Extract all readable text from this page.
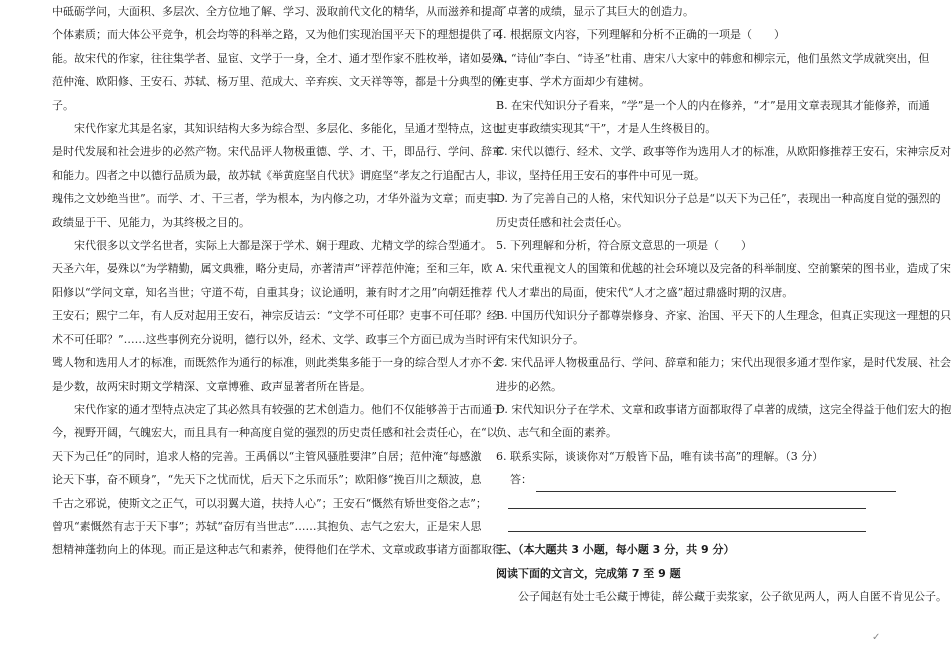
中砥砺学问，大面积、多层次、全方位地了解、学习、汲取前代文化的精华，从而滋养和提高
个体素质；而大体公平竞争，机会均等的科举之路，又为他们实现治国平天下的理想提供了可
能。故宋代的作家，往往集学者、显宦、文学于一身，全才、通才型作家不胜枚举，诸如晏殊、
范仲淹、欧阳修、王安石、苏轼、杨万里、范成大、辛弃疾、文天祥等等，都是十分典型的例
子。
宋代作家尤其是名家，其知识结构大多为综合型、多层化、多能化，呈通才型特点，这也
是时代发展和社会进步的必然产物。宋代品评人物极重德、学、才、干，即品行、学问、辞章
和能力。四者之中以德行品质为最，故苏轼《举黄庭坚自代状》谓庭坚“孝友之行追配古人，
瑰伟之文妙绝当世”。而学、才、干三者，学为根本，为内修之功，才华外溢为文章；而吏事
政绩显于干、见能力，为其终极之目的。
宋代很多以文学名世者，实际上大都是深于学术、娴于理政、尤精文学的综合型通才。
天圣六年，晏殊以“为学精勤，属文典雅，略分吏局，亦著清声”评荐范仲淹；至和三年，欧
阳修以“学问文章，知名当世；守道不苟，自重其身；议论通明，兼有时才之用”向朝廷推荐
王安石；熙宁二年，有人反对起用王安石，神宗反诘云：“文学不可任耶？吏事不可任耶？经
术不可任耶？”……这些事例充分说明，德行以外，经术、文学、政事三个方面已成为当时评
骘人物和选用人才的标准，而既然作为通行的标准，则此类集多能于一身的综合型人才亦不会
是少数，故两宋时期文学精深、文章博雅、政声显著者所在皆是。
宋代作家的通才型特点决定了其必然具有较强的艺术创造力。他们不仅能够善于古而通于
今，视野开阔，气魄宏大，而且具有一种高度自觉的强烈的历史责任感和社会责任心，在“以
天下为己任”的同时，追求人格的完善。王禹偁以“主管风骚胜要津”自居；范仲淹“每感激
论天下事，奋不顾身”，“先天下之忧而忧，后天下之乐而乐”；欧阳修“挽百川之颓波，息
千古之邪说，使斯文之正气，可以羽翼大道，扶持人心”；王安石“慨然有矫世变俗之志”；
曾巩“素慨然有志于天下事”；苏轼“奋厉有当世志”……其抱负、志气之宏大，正是宋人思
想精神蓬勃向上的体现。而正是这种志气和素养，使得他们在学术、文章或政事诸方面都取得
了卓著的成绩，显示了其巨大的创造力。
4. 根据原文内容，下列理解和分析不正确的一项是（　　）
A. “诗仙”李白、“诗圣”杜甫、唐宋八大家中的韩愈和柳宗元，他们虽然文学成就突出，但
在吏事、学术方面却少有建树。
B. 在宋代知识分子看来，“学”是一个人的内在修养，“才”是用文章表现其才能修养，而通
过吏事政绩实现其“干”，才是人生终极目的。
C. 宋代以德行、经术、文学、政事等作为选用人才的标准，从欧阳修推荐王安石，宋神宗反对
非议，坚持任用王安石的事件中可见一斑。
D. 为了完善自己的人格，宋代知识分子总是“以天下为己任”，表现出一种高度自觉的强烈的
历史责任感和社会责任心。
5. 下列理解和分析，符合原文意思的一项是（　　）
A. 宋代重视文人的国策和优越的社会环境以及完备的科举制度、空前繁荣的图书业，造成了宋
代人才辈出的局面，使宋代“人才之盛”超过鼎盛时期的汉唐。
B. 中国历代知识分子都尊崇修身、齐家、治国、平天下的人生理念，但真正实现这一理想的只
有宋代知识分子。
C. 宋代品评人物极重品行、学问、辞章和能力；宋代出现很多通才型作家，是时代发展、社会
进步的必然。
D. 宋代知识分子在学术、文章和政事诸方面都取得了卓著的成绩，这完全得益于他们宏大的抱
负、志气和全面的素养。
6. 联系实际，谈谈你对“万般皆下品，唯有读书高”的理解。（3 分）
答：
三、（本大题共 3 小题，每小题 3 分，共 9 分）
阅读下面的文言文，完成第 7 至 9 题
公子闻赵有处士毛公藏于博徒，薛公藏于卖浆家，公子欲见两人，两人自匿不肯见公子。
✓
